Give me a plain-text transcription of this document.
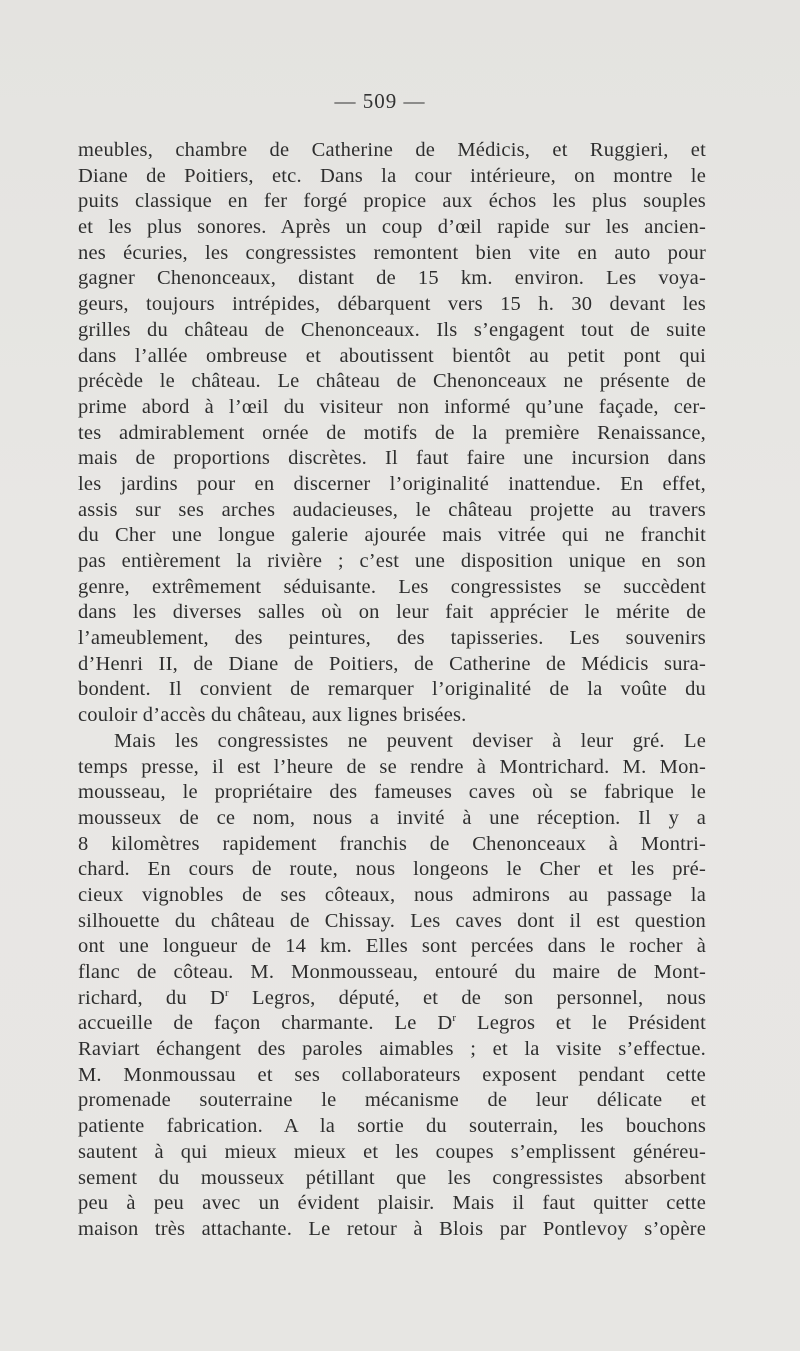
— 509 —
meubles, chambre de Catherine de Médicis, et Ruggieri, et
Diane de Poitiers, etc. Dans la cour intérieure, on montre le
puits classique en fer forgé propice aux échos les plus souples
et les plus sonores. Après un coup d’œil rapide sur les ancien-
nes écuries, les congressistes remontent bien vite en auto pour
gagner Chenonceaux, distant de 15 km. environ. Les voya-
geurs, toujours intrépides, débarquent vers 15 h. 30 devant les
grilles du château de Chenonceaux. Ils s’engagent tout de suite
dans l’allée ombreuse et aboutissent bientôt au petit pont qui
précède le château. Le château de Chenonceaux ne présente de
prime abord à l’œil du visiteur non informé qu’une façade, cer-
tes admirablement ornée de motifs de la première Renaissance,
mais de proportions discrètes. Il faut faire une incursion dans
les jardins pour en discerner l’originalité inattendue. En effet,
assis sur ses arches audacieuses, le château projette au travers
du Cher une longue galerie ajourée mais vitrée qui ne franchit
pas entièrement la rivière ; c’est une disposition unique en son
genre, extrêmement séduisante. Les congressistes se succèdent
dans les diverses salles où on leur fait apprécier le mérite de
l’ameublement, des peintures, des tapisseries. Les souvenirs
d’Henri II, de Diane de Poitiers, de Catherine de Médicis sura-
bondent. Il convient de remarquer l’originalité de la voûte du
couloir d’accès du château, aux lignes brisées.
Mais les congressistes ne peuvent deviser à leur gré. Le
temps presse, il est l’heure de se rendre à Montrichard. M. Mon-
mousseau, le propriétaire des fameuses caves où se fabrique le
mousseux de ce nom, nous a invité à une réception. Il y a
8 kilomètres rapidement franchis de Chenonceaux à Montri-
chard. En cours de route, nous longeons le Cher et les pré-
cieux vignobles de ses côteaux, nous admirons au passage la
silhouette du château de Chissay. Les caves dont il est question
ont une longueur de 14 km. Elles sont percées dans le rocher à
flanc de côteau. M. Monmousseau, entouré du maire de Mont-
richard, du $D^r$ Legros, député, et de son personnel, nous
accueille de façon charmante. Le $D^r$ Legros et le Président
Raviart échangent des paroles aimables ; et la visite s’effectue.
M. Monmoussau et ses collaborateurs exposent pendant cette
promenade souterraine le mécanisme de leur délicate et
patiente fabrication. A la sortie du souterrain, les bouchons
sautent à qui mieux mieux et les coupes s’emplissent généreu-
sement du mousseux pétillant que les congressistes absorbent
peu à peu avec un évident plaisir. Mais il faut quitter cette
maison très attachante. Le retour à Blois par Pontlevoy s’opère
